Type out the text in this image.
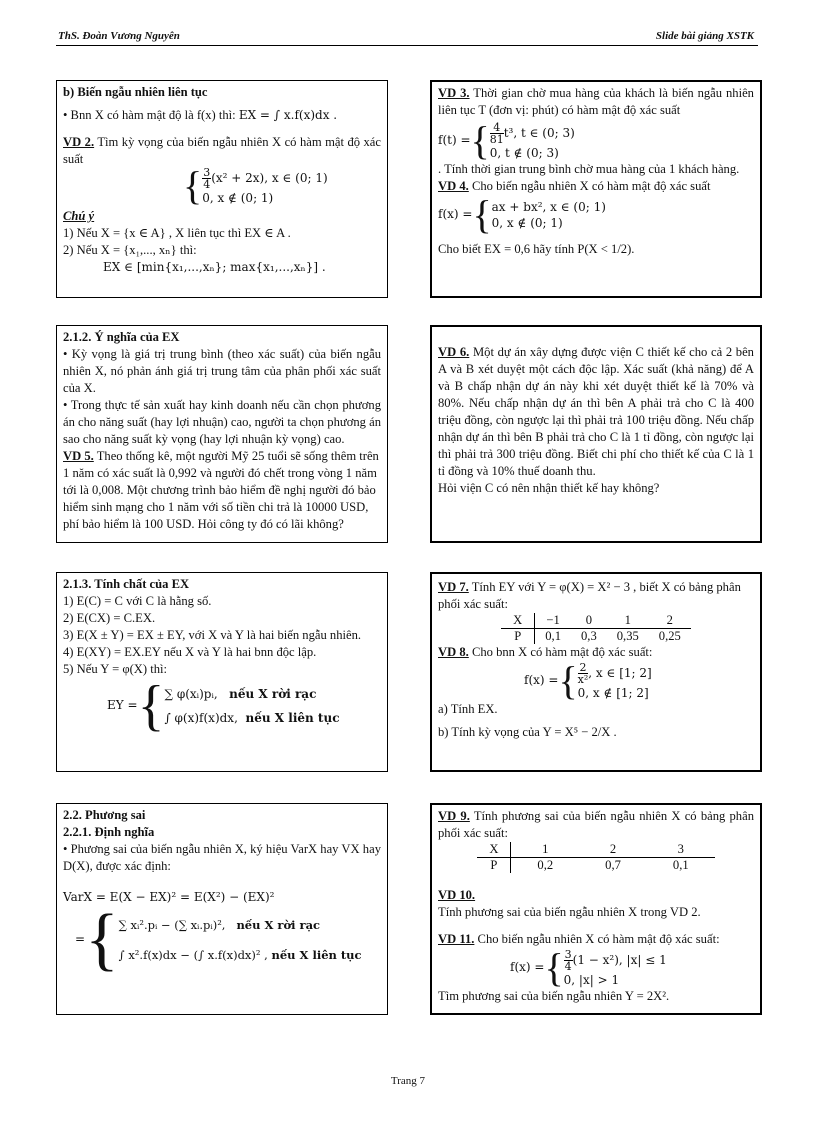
ThS. Đoàn Vương Nguyên	Slide bài giảng XSTK

b) Biến ngẫu nhiên liên tục

• Bnn X có hàm mật độ là f(x) thì: EX = ∫ x.f(x)dx .

VD 2. Tìm kỳ vọng của biến ngẫu nhiên X có hàm mật độ xác suất

{ $\frac{3}{4} (x^2 + 2x)$, x ∈ (0; 1)
0, x ∉ (0; 1)

Chú ý

1) Nếu X = {x ∈ A} , X liên tục thì EX ∈ A .

2) Nếu X = {x₁,..., xₙ} thì:

EX ∈ [min{x₁,...,xₙ}; max{x₁,...,xₙ}] .

VD 3. Thời gian chờ mua hàng của khách là biến ngẫu nhiên liên tục T (đơn vị: phút) có hàm mật độ xác suất

f(t) ={ $\frac{4}{81} t^3$, t ∈ (0; 3)
0, t ∉ (0; 3)

. Tính thời gian trung bình chờ mua hàng của 1 khách hàng.

VD 4. Cho biến ngẫu nhiên X có hàm mật độ xác suất

f(x) ={ ax + bx², x ∈ (0; 1)
0, x ∉ (0; 1)

Cho biết EX = 0,6 hãy tính P(X < 1/2).

2.1.2. Ý nghĩa của EX

• Kỳ vọng là giá trị trung bình (theo xác suất) của biến ngẫu nhiên X, nó phản ánh giá trị trung tâm của phân phối xác suất của X.

• Trong thực tế sản xuất hay kinh doanh nếu cần chọn phương án cho năng suất (hay lợi nhuận) cao, người ta chọn phương án sao cho năng suất kỳ vọng (hay lợi nhuận kỳ vọng) cao.

VD 5. Theo thống kê, một người Mỹ 25 tuổi sẽ sống thêm trên 1 năm có xác suất là 0,992 và người đó chết trong vòng 1 năm tới là 0,008. Một chương trình bảo hiểm đề nghị người đó bảo hiểm sinh mạng cho 1 năm với số tiền chi trả là 10000 USD, phí bảo hiểm là 100 USD. Hỏi công ty đó có lãi không?

VD 6. Một dự án xây dựng được viện C thiết kế cho cả 2 bên A và B xét duyệt một cách độc lập. Xác suất (khả năng) để A và B chấp nhận dự án này khi xét duyệt thiết kế là 70% và 80%. Nếu chấp nhận dự án thì bên A phải trả cho C là 400 triệu đồng, còn ngược lại thì phải trả 100 triệu đồng. Nếu chấp nhận dự án thì bên B phải trả cho C là 1 tỉ đồng, còn ngược lại thì phải trả 300 triệu đồng. Biết chi phí cho thiết kế của C là 1 tỉ đồng và 10% thuế doanh thu.

Hỏi viện C có nên nhận thiết kế hay không?

2.1.3. Tính chất của EX

1) E(C) = C với C là hằng số.

2) E(CX) = C.EX.

3) E(X ± Y) = EX ± EY, với X và Y là hai biến ngẫu nhiên.

4) E(XY) = EX.EY nếu X và Y là hai bnn độc lập.

5) Nếu Y = φ(X) thì:

EY ={ ∑ φ(xᵢ)pᵢ, nếu X rời rạc
∫ φ(x)f(x)dx, nếu X liên tục

VD 7. Tính EY với Y = φ(X) = X² − 3 , biết X có bảng phân phối xác suất:

X	−1	0	1	2
P	0,1	0,3	0,35	0,25

VD 8. Cho bnn X có hàm mật độ xác suất:

f(x) ={ $\frac{2}{\text{x²}}$ , x ∈ [1; 2]
0, x ∉ [1; 2]

a) Tính EX.

b) Tính kỳ vọng của Y = X⁵ − 2/X .

2.2. Phương sai

2.2.1. Định nghĩa

• Phương sai của biến ngẫu nhiên X, ký hiệu VarX hay VX hay D(X), được xác định:

VarX = E(X − EX)² = E(X²) − (EX)²

={ ∑ xᵢ².pᵢ − (∑ xᵢ.pᵢ)², nếu X rời rạc
∫ x².f(x)dx − (∫ x.f(x)dx)² , nếu X liên tục

VD 9. Tính phương sai của biến ngẫu nhiên X có bảng phân phối xác suất:

X	1	2	3
P	0,2	0,7	0,1

VD 10.

Tính phương sai của biến ngẫu nhiên X trong VD 2.

VD 11. Cho biến ngẫu nhiên X có hàm mật độ xác suất:

f(x) ={ $\frac{3}{4} (1 - x^2)$, |x| ≤ 1
0, |x| > 1

Tìm phương sai của biến ngẫu nhiên Y = 2X².

Trang 7
